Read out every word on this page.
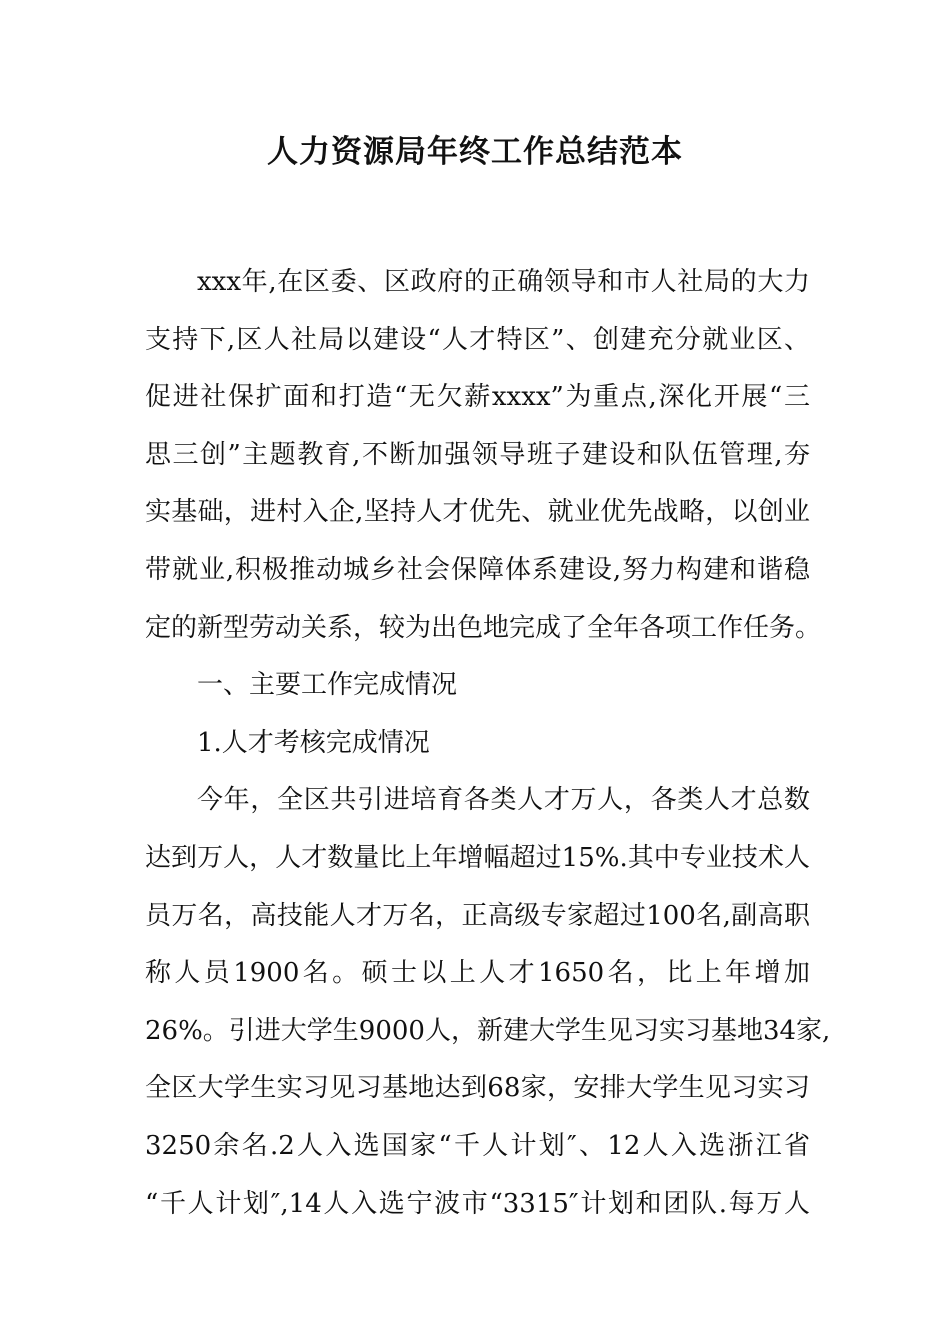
人力资源局年终工作总结范本

xxx年,在区委、区政府的正确领导和市人社局的大力

支持下,区人社局以建设“人才特区”、创建充分就业区、

促进社保扩面和打造“无欠薪xxxx”为重点,深化开展“三

思三创”主题教育,不断加强领导班子建设和队伍管理,夯

实基础，进村入企,坚持人才优先、就业优先战略，以创业

带就业,积极推动城乡社会保障体系建设,努力构建和谐稳

定的新型劳动关系，较为出色地完成了全年各项工作任务。

一、主要工作完成情况

1.人才考核完成情况

今年，全区共引进培育各类人才万人，各类人才总数

达到万人，人才数量比上年增幅超过15%.其中专业技术人

员万名，高技能人才万名，正高级专家超过100名,副高职

称人员1900名。硕士以上人才1650名，比上年增加

26%。引进大学生9000人，新建大学生见习实习基地34家,

全区大学生实习见习基地达到68家，安排大学生见习实习

3250余名.2人入选国家“千人计划″、12人入选浙江省

“千人计划″,14人入选宁波市“3315″计划和团队.每万人
